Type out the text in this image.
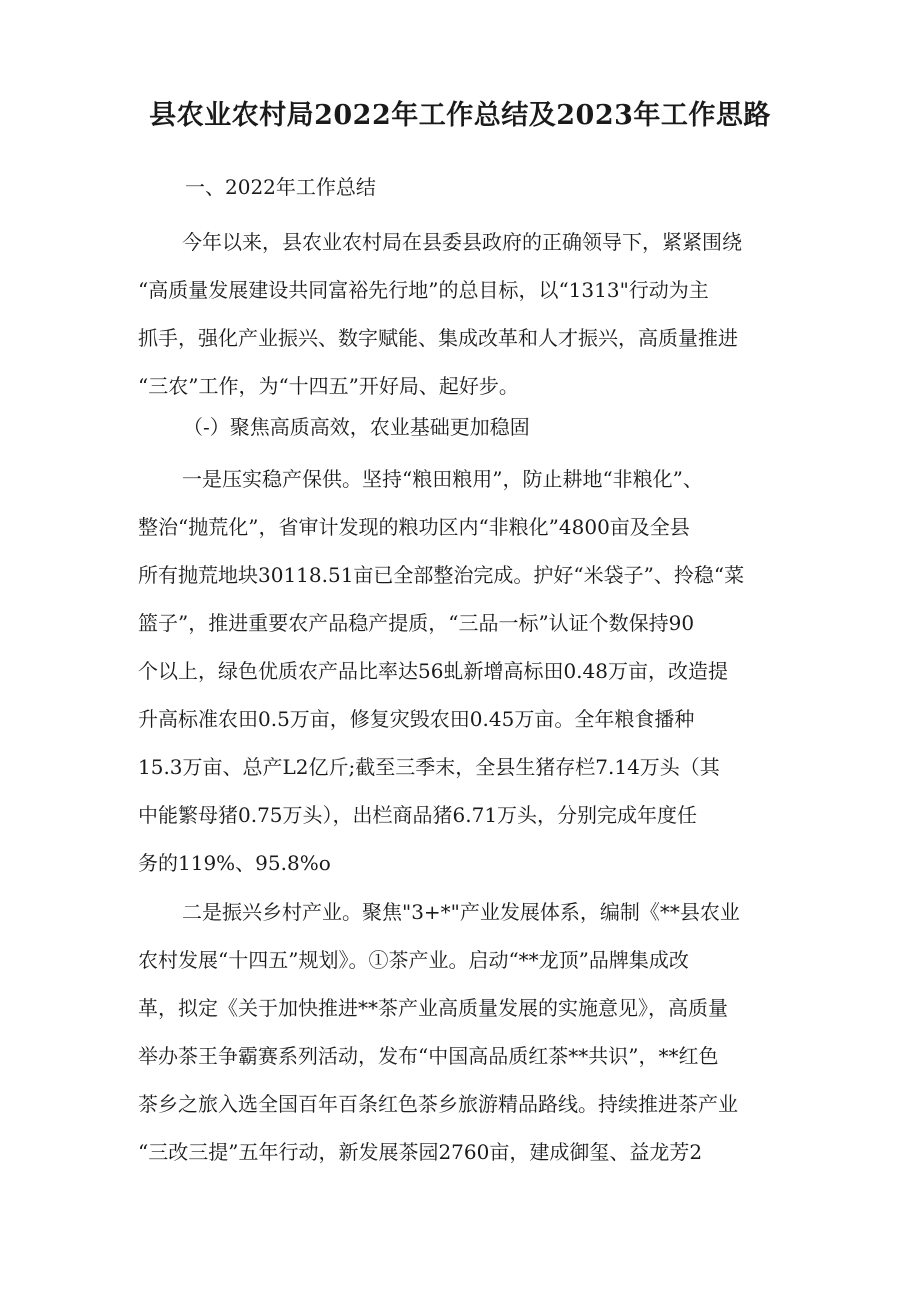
县农业农村局2022年工作总结及2023年工作思路
一、2022年工作总结
今年以来，县农业农村局在县委县政府的正确领导下，紧紧围绕
“高质量发展建设共同富裕先行地”的总目标，以“1313"行动为主
抓手，强化产业振兴、数字赋能、集成改革和人才振兴，高质量推进
“三农”工作，为“十四五”开好局、起好步。
（-）聚焦高质高效，农业基础更加稳固
一是压实稳产保供。坚持“粮田粮用”，防止耕地“非粮化”、
整治“抛荒化”，省审计发现的粮功区内“非粮化”4800亩及全县
所有抛荒地块30118.51亩已全部整治完成。护好“米袋子”、拎稳“菜
篮子”，推进重要农产品稳产提质，“三品一标”认证个数保持90
个以上，绿色优质农产品比率达56虬新增高标田0.48万亩，改造提
升高标准农田0.5万亩，修复灾毁农田0.45万亩。全年粮食播种
15.3万亩、总产L2亿斤;截至三季末，全县生猪存栏7.14万头（其
中能繁母猪0.75万头），出栏商品猪6.71万头，分别完成年度任
务的119%、95.8%o
二是振兴乡村产业。聚焦"3+*"产业发展体系，编制《**县农业
农村发展“十四五”规划》。①茶产业。启动“**龙顶”品牌集成改
革，拟定《关于加快推进**茶产业高质量发展的实施意见》，高质量
举办茶王争霸赛系列活动，发布“中国高品质红茶**共识”，**红色
茶乡之旅入选全国百年百条红色茶乡旅游精品路线。持续推进茶产业
“三改三提”五年行动，新发展茶园2760亩，建成御玺、益龙芳2
